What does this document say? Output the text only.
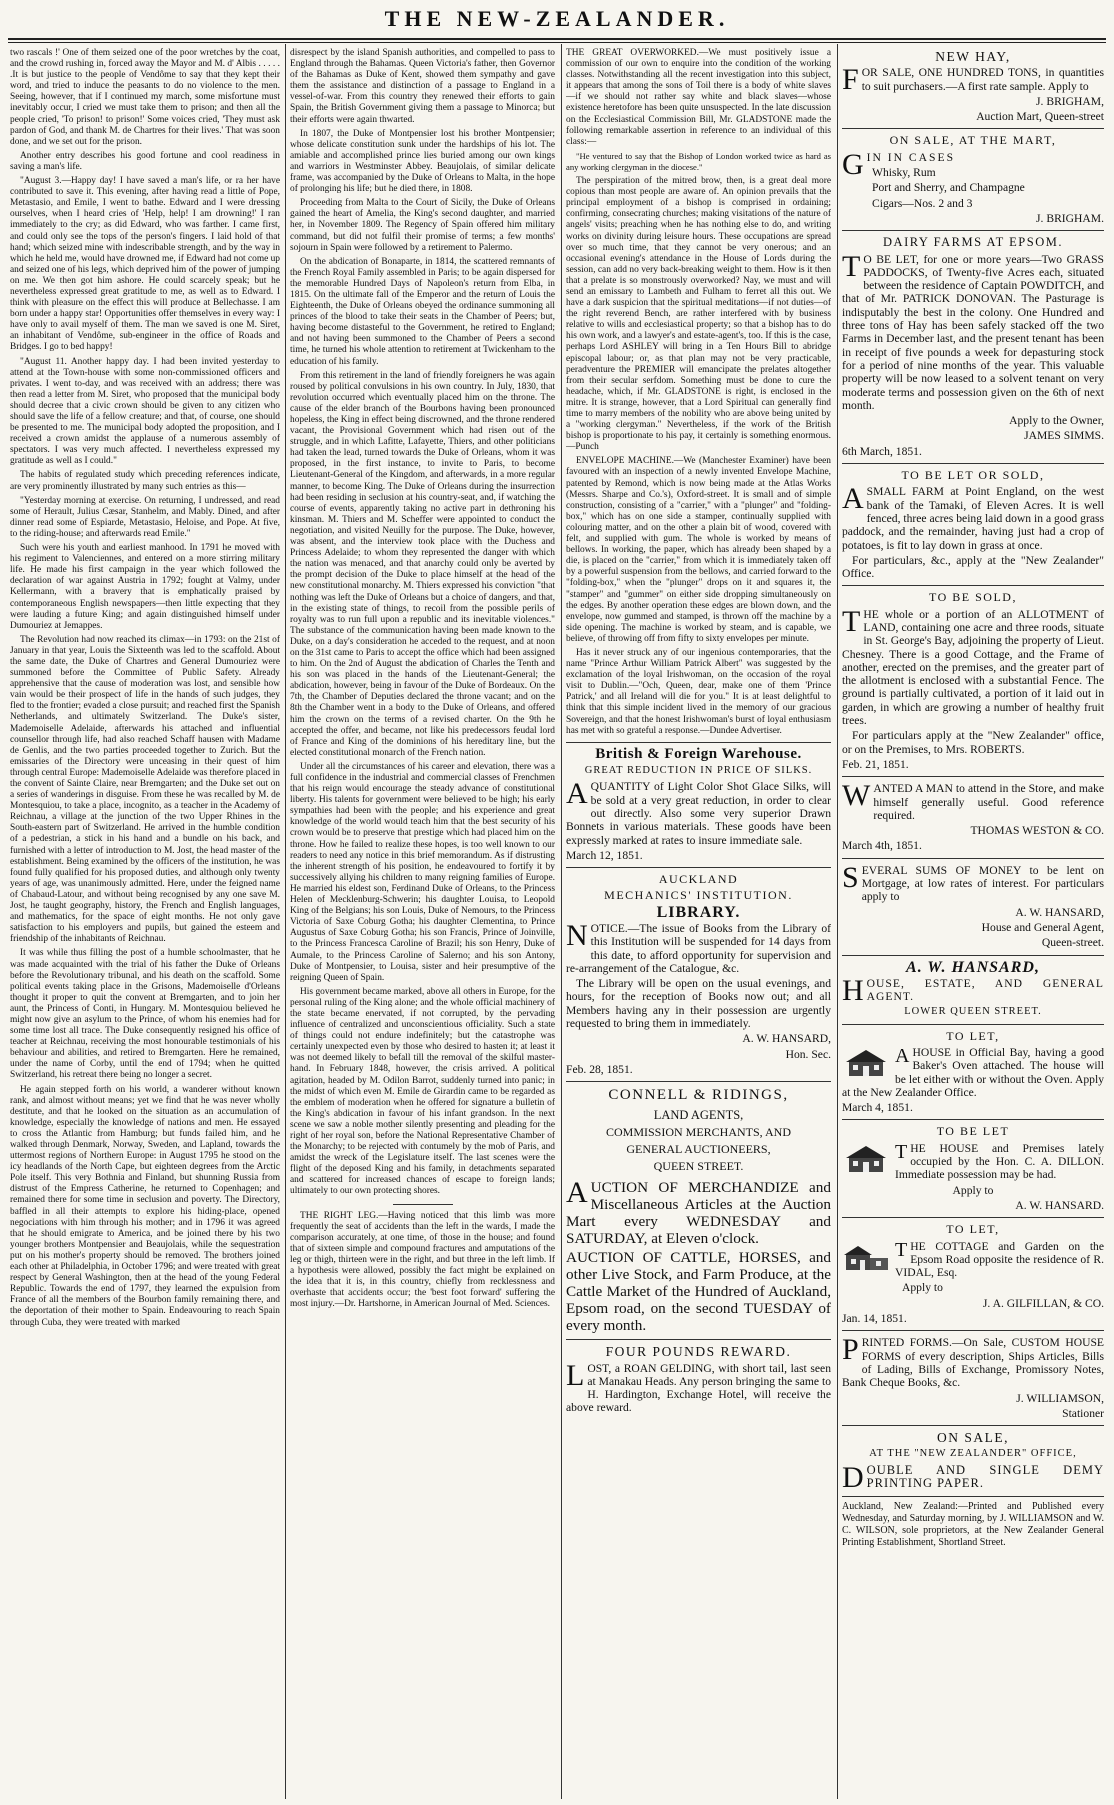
THE NEW-ZEALANDER.

two rascals !' One of them seized one of the poor wretches by the coat, and the crowd rushing in, forced away the Mayor and M. d' Albis . . . . . .It is but justice to the people of Vendôme to say that they kept their word, and tried to induce the peasants to do no violence to the men. Seeing, however, that if I continued my march, some misfortune must inevitably occur, I cried we must take them to prison; and then all the people cried, 'To prison! to prison!' Some voices cried, 'They must ask pardon of God, and thank M. de Chartres for their lives.' That was soon done, and we set out for the prison.

Another entry describes his good fortune and cool readiness in saving a man's life.

"August 3.—Happy day! I have saved a man's life, or ra her have contributed to save it. This evening, after having read a little of Pope, Metastasio, and Emile, I went to bathe. Edward and I were dressing ourselves, when I heard cries of 'Help, help! I am drowning!' I ran immediately to the cry; as did Edward, who was farther. I came first, and could only see the tops of the person's fingers. I laid hold of that hand; which seized mine with indescribable strength, and by the way in which he held me, would have drowned me, if Edward had not come up and seized one of his legs, which deprived him of the power of jumping on me. We then got him ashore. He could scarcely speak; but he nevertheless expressed great gratitude to me, as well as to Edward. I think with pleasure on the effect this will produce at Bellechasse. I am born under a happy star! Opportunities offer themselves in every way: I have only to avail myself of them. The man we saved is one M. Siret, an inhabitant of Vendôme, sub-engineer in the office of Roads and Bridges. I go to bed happy!

"August 11. Another happy day. I had been invited yesterday to attend at the Town-house with some non-commissioned officers and privates. I went to-day, and was received with an address; there was then read a letter from M. Siret, who proposed that the municipal body should decree that a civic crown should be given to any citizen who should save the life of a fellow creature; and that, of course, one should be presented to me. The municipal body adopted the proposition, and I received a crown amidst the applause of a numerous assembly of spectators. I was very much affected. I nevertheless expressed my gratitude as well as I could."

The habits of regulated study which preceding references indicate, are very prominently illustrated by many such entries as this—

"Yesterday morning at exercise. On returning, I undressed, and read some of Herault, Julius Cæsar, Stanhelm, and Mably. Dined, and after dinner read some of Espiarde, Metastasio, Heloise, and Pope. At five, to the riding-house; and afterwards read Emile."

Such were his youth and earliest manhood. In 1791 he moved with his regiment to Valenciennes, and entered on a more stirring military life. He made his first campaign in the year which followed the declaration of war against Austria in 1792; fought at Valmy, under Kellermann, with a bravery that is emphatically praised by contemporaneous English newspapers—then little expecting that they were lauding a future King; and again distinguished himself under Dumouriez at Jemappes.

The Revolution had now reached its climax—in 1793: on the 21st of January in that year, Louis the Sixteenth was led to the scaffold. About the same date, the Duke of Chartres and General Dumouriez were summoned before the Committee of Public Safety. Already apprehensive that the cause of moderation was lost, and sensible how vain would be their prospect of life in the hands of such judges, they fled to the frontier; evaded a close pursuit; and reached first the Spanish Netherlands, and ultimately Switzerland. The Duke's sister, Mademoiselle Adelaide, afterwards his attached and influential counsellor through life, had also reached Schaff hausen with Madame de Genlis, and the two parties proceeded together to Zurich. But the emissaries of the Directory were unceasing in their quest of him through central Europe: Mademoiselle Adelaide was therefore placed in the convent of Sainte Claire, near Bremgarten; and the Duke set out on a series of wanderings in disguise. From these he was recalled by M. de Montesquiou, to take a place, incognito, as a teacher in the Academy of Reichnau, a village at the junction of the two Upper Rhines in the South-eastern part of Switzerland. He arrived in the humble condition of a pedestrian, a stick in his hand and a bundle on his back, and furnished with a letter of introduction to M. Jost, the head master of the establishment. Being examined by the officers of the institution, he was found fully qualified for his proposed duties, and although only twenty years of age, was unanimously admitted. Here, under the feigned name of Chabaud-Latour, and without being recognised by any one save M. Jost, he taught geography, history, the French and English languages, and mathematics, for the space of eight months. He not only gave satisfaction to his employers and pupils, but gained the esteem and friendship of the inhabitants of Reichnau.

It was while thus filling the post of a humble schoolmaster, that he was made acquainted with the trial of his father the Duke of Orleans before the Revolutionary tribunal, and his death on the scaffold. Some political events taking place in the Grisons, Mademoiselle d'Orleans thought it proper to quit the convent at Bremgarten, and to join her aunt, the Princess of Conti, in Hungary. M. Montesquiou believed he might now give an asylum to the Prince, of whom his enemies had for some time lost all trace. The Duke consequently resigned his office of teacher at Reichnau, receiving the most honourable testimonials of his behaviour and abilities, and retired to Bremgarten. Here he remained, under the name of Corby, until the end of 1794; when he quitted Switzerland, his retreat there being no longer a secret.

He again stepped forth on his world, a wanderer without known rank, and almost without means; yet we find that he was never wholly destitute, and that he looked on the situation as an accumulation of knowledge, especially the knowledge of nations and men. He essayed to cross the Atlantic from Hamburg; but funds failed him, and he walked through Denmark, Norway, Sweden, and Lapland, towards the uttermost regions of Northern Europe: in August 1795 he stood on the icy headlands of the North Cape, but eighteen degrees from the Arctic Pole itself. This very Bothnia and Finland, but shunning Russia from distrust of the Empress Catherine, he returned to Copenhagen; and remained there for some time in seclusion and poverty. The Directory, baffled in all their attempts to explore his hiding-place, opened negociations with him through his mother; and in 1796 it was agreed that he should emigrate to America, and be joined there by his two younger brothers Montpensier and Beaujolais, while the sequestration put on his mother's property should be removed. The brothers joined each other at Philadelphia, in October 1796; and were treated with great respect by General Washington, then at the head of the young Federal Republic. Towards the end of 1797, they learned the expulsion from France of all the members of the Bourbon family remaining there, and the deportation of their mother to Spain. Endeavouring to reach Spain through Cuba, they were treated with marked

disrespect by the island Spanish authorities, and compelled to pass to England through the Bahamas. Queen Victoria's father, then Governor of the Bahamas as Duke of Kent, showed them sympathy and gave them the assistance and distinction of a passage to England in a vessel-of-war. From this country they renewed their efforts to gain Spain, the British Government giving them a passage to Minorca; but their efforts were again thwarted.

In 1807, the Duke of Montpensier lost his brother Montpensier; whose delicate constitution sunk under the hardships of his lot. The amiable and accomplished prince lies buried among our own kings and warriors in Westminster Abbey. Beaujolais, of similar delicate frame, was accompanied by the Duke of Orleans to Malta, in the hope of prolonging his life; but he died there, in 1808.

Proceeding from Malta to the Court of Sicily, the Duke of Orleans gained the heart of Amelia, the King's second daughter, and married her, in November 1809. The Regency of Spain offered him military command, but did not fulfil their promise of terms; a few months' sojourn in Spain were followed by a retirement to Palermo.

On the abdication of Bonaparte, in 1814, the scattered remnants of the French Royal Family assembled in Paris; to be again dispersed for the memorable Hundred Days of Napoleon's return from Elba, in 1815. On the ultimate fall of the Emperor and the return of Louis the Eighteenth, the Duke of Orleans obeyed the ordinance summoning all princes of the blood to take their seats in the Chamber of Peers; but, having become distasteful to the Government, he retired to England; and not having been summoned to the Chamber of Peers a second time, he turned his whole attention to retirement at Twickenham to the education of his family.

From this retirement in the land of friendly foreigners he was again roused by political convulsions in his own country. In July, 1830, that revolution occurred which eventually placed him on the throne. The cause of the elder branch of the Bourbons having been pronounced hopeless, the King in effect being discrowned, and the throne rendered vacant, the Provisional Government which had risen out of the struggle, and in which Lafitte, Lafayette, Thiers, and other politicians had taken the lead, turned towards the Duke of Orleans, whom it was proposed, in the first instance, to invite to Paris, to become Lieutenant-General of the Kingdom, and afterwards, in a more regular manner, to become King. The Duke of Orleans during the insurrection had been residing in seclusion at his country-seat, and, if watching the course of events, apparently taking no active part in dethroning his kinsman. M. Thiers and M. Scheffer were appointed to conduct the negotiation, and visited Neuilly for the purpose. The Duke, however, was absent, and the interview took place with the Duchess and Princess Adelaide; to whom they represented the danger with which the nation was menaced, and that anarchy could only be averted by the prompt decision of the Duke to place himself at the head of the new constitutional monarchy. M. Thiers expressed his conviction "that nothing was left the Duke of Orleans but a choice of dangers, and that, in the existing state of things, to recoil from the possible perils of royalty was to run full upon a republic and its inevitable violences." The substance of the communication having been made known to the Duke, on a day's consideration he acceded to the request, and at noon on the 31st came to Paris to accept the office which had been assigned to him. On the 2nd of August the abdication of Charles the Tenth and his son was placed in the hands of the Lieutenant-General; the abdication, however, being in favour of the Duke of Bordeaux. On the 7th, the Chamber of Deputies declared the throne vacant; and on the 8th the Chamber went in a body to the Duke of Orleans, and offered him the crown on the terms of a revised charter. On the 9th he accepted the offer, and became, not like his predecessors feudal lord of France and King of the dominions of his hereditary line, but the elected constitutional monarch of the French nation.

Under all the circumstances of his career and elevation, there was a full confidence in the industrial and commercial classes of Frenchmen that his reign would encourage the steady advance of constitutional liberty. His talents for government were believed to be high; his early sympathies had been with the people; and his experience and great knowledge of the world would teach him that the best security of his crown would be to preserve that prestige which had placed him on the throne. How he failed to realize these hopes, is too well known to our readers to need any notice in this brief memorandum. As if distrusting the inherent strength of his position, he endeavoured to fortify it by successively allying his children to many reigning families of Europe. He married his eldest son, Ferdinand Duke of Orleans, to the Princess Helen of Mecklenburg-Schwerin; his daughter Louisa, to Leopold King of the Belgians; his son Louis, Duke of Nemours, to the Princess Victoria of Saxe Coburg Gotha; his daughter Clementina, to Prince Augustus of Saxe Coburg Gotha; his son Francis, Prince of Joinville, to the Princess Francesca Caroline of Brazil; his son Henry, Duke of Aumale, to the Princess Caroline of Salerno; and his son Antony, Duke of Montpensier, to Louisa, sister and heir presumptive of the reigning Queen of Spain.

His government became marked, above all others in Europe, for the personal ruling of the King alone; and the whole official machinery of the state became enervated, if not corrupted, by the pervading influence of centralized and unconscientious officiality. Such a state of things could not endure indefinitely; but the catastrophe was certainly unexpected even by those who desired to hasten it; at least it was not deemed likely to befall till the removal of the skilful master-hand. In February 1848, however, the crisis arrived. A political agitation, headed by M. Odilon Barrot, suddenly turned into panic; in the midst of which even M. Emile de Girardin came to be regarded as the emblem of moderation when he offered for signature a bulletin of the King's abdication in favour of his infant grandson. In the next scene we saw a noble mother silently presenting and pleading for the right of her royal son, before the National Representative Chamber of the Monarchy; to be rejected with contumely by the mob of Paris, and amidst the wreck of the Legislature itself. The last scenes were the flight of the deposed King and his family, in detachments separated and scattered for increased chances of escape to foreign lands; ultimately to our own protecting shores.

THE RIGHT LEG.—Having noticed that this limb was more frequently the seat of accidents than the left in the wards, I made the comparison accurately, at one time, of those in the house; and found that of sixteen simple and compound fractures and amputations of the leg or thigh, thirteen were in the right, and but three in the left limb. If a hypothesis were allowed, possibly the fact might be explained on the idea that it is, in this country, chiefly from recklessness and overhaste that accidents occur; the 'best foot forward' suffering the most injury.—Dr. Hartshorne, in American Journal of Med. Sciences.

THE GREAT OVERWORKED.—We must positively issue a commission of our own to enquire into the condition of the working classes. Notwithstanding all the recent investigation into this subject, it appears that among the sons of Toil there is a body of white slaves—if we should not rather say white and black slaves—whose existence heretofore has been quite unsuspected. In the late discussion on the Ecclesiastical Commission Bill, Mr. GLADSTONE made the following remarkable assertion in reference to an individual of this class:—

"He ventured to say that the Bishop of London worked twice as hard as any working clergyman in the diocese."

The perspiration of the mitred brow, then, is a great deal more copious than most people are aware of. An opinion prevails that the principal employment of a bishop is comprised in ordaining; confirming, consecrating churches; making visitations of the nature of angels' visits; preaching when he has nothing else to do, and writing works on divinity during leisure hours. These occupations are spread over so much time, that they cannot be very onerous; and an occasional evening's attendance in the House of Lords during the session, can add no very back-breaking weight to them. How is it then that a prelate is so monstrously overworked? Nay, we must and will send an emissary to Lambeth and Fulham to ferret all this out. We have a dark suspicion that the spiritual meditations—if not duties—of the right reverend Bench, are rather interfered with by business relative to wills and ecclesiastical property; so that a bishop has to do his own work, and a lawyer's and estate-agent's, too. If this is the case, perhaps Lord ASHLEY will bring in a Ten Hours Bill to abridge episcopal labour; or, as that plan may not be very practicable, peradventure the PREMIER will emancipate the prelates altogether from their secular serfdom. Something must be done to cure the headache, which, if Mr. GLADSTONE is right, is enclosed in the mitre. It is strange, however, that a Lord Spiritual can generally find time to marry members of the nobility who are above being united by a "working clergyman." Nevertheless, if the work of the British bishop is proportionate to his pay, it certainly is something enormous.—Punch

ENVELOPE MACHINE.—We (Manchester Examiner) have been favoured with an inspection of a newly invented Envelope Machine, patented by Remond, which is now being made at the Atlas Works (Messrs. Sharpe and Co.'s), Oxford-street. It is small and of simple construction, consisting of a "carrier," with a "plunger" and "folding-box," which has on one side a stamper, continually supplied with colouring matter, and on the other a plain bit of wood, covered with felt, and supplied with gum. The whole is worked by means of bellows. In working, the paper, which has already been shaped by a die, is placed on the "carrier," from which it is immediately taken off by a powerful suspension from the bellows, and carried forward to the "folding-box," when the "plunger" drops on it and squares it, the "stamper" and "gummer" on either side dropping simultaneously on the edges. By another operation these edges are blown down, and the envelope, now gummed and stamped, is thrown off the machine by a side opening. The machine is worked by steam, and is capable, we believe, of throwing off from fifty to sixty envelopes per minute.

Has it never struck any of our ingenious contemporaries, that the name "Prince Arthur William Patrick Albert" was suggested by the exclamation of the loyal Irishwoman, on the occasion of the royal visit to Dublin.—"Och, Queen, dear, make one of them 'Prince Patrick,' and all Ireland will die for you." It is at least delightful to think that this simple incident lived in the memory of our gracious Sovereign, and that the honest Irishwoman's burst of loyal enthusiasm has met with so grateful a response.—Dundee Advertiser.

British & Foreign Warehouse.
GREAT REDUCTION IN PRICE OF SILKS.

AQUANTITY of Light Color Shot Glace Silks, will be sold at a very great reduction, in order to clear out directly. Also some very superior Drawn Bonnets in various materials. These goods have been expressly marked at rates to insure immediate sale.

March 12, 1851.

AUCKLAND
MECHANICS' INSTITUTION.
LIBRARY.

NOTICE.—The issue of Books from the Library of this Institution will be suspended for 14 days from this date, to afford opportunity for supervision and re-arrangement of the Catalogue, &c.

The Library will be open on the usual evenings, and hours, for the reception of Books now out; and all Members having any in their possession are urgently requested to bring them in immediately.

A. W. HANSARD,

Hon. Sec.

Feb. 28, 1851.

CONNELL & RIDINGS,
LAND AGENTS,
COMMISSION MERCHANTS, AND
GENERAL AUCTIONEERS,
QUEEN STREET.

AUCTION OF MERCHANDIZE and Miscellaneous Articles at the Auction Mart every WEDNESDAY and SATURDAY, at Eleven o'clock.

AUCTION OF CATTLE, HORSES, and other Live Stock, and Farm Produce, at the Cattle Market of the Hundred of Auckland, Epsom road, on the second TUESDAY of every month.

FOUR POUNDS REWARD.

LOST, a ROAN GELDING, with short tail, last seen at Manakau Heads. Any person bringing the same to H. Hardington, Exchange Hotel, will receive the above reward.

NEW HAY,

FOR SALE, ONE HUNDRED TONS, in quantities to suit purchasers.—A first rate sample. Apply to

J. BRIGHAM,

Auction Mart, Queen-street

ON SALE, AT THE MART,

GIN IN CASES

Whisky, Rum

Port and Sherry, and Champagne

Cigars—Nos. 2 and 3

J. BRIGHAM.

DAIRY FARMS AT EPSOM.

T O BE LET, for one or more years—Two GRASS PADDOCKS, of Twenty-five Acres each, situated between the residence of Captain POWDITCH, and that of Mr. PATRICK DONOVAN. The Pasturage is indisputably the best in the colony. One Hundred and three tons of Hay has been safely stacked off the two Farms in December last, and the present tenant has been in receipt of five pounds a week for depasturing stock for a period of nine months of the year. This valuable property will be now leased to a solvent tenant on very moderate terms and possession given on the 6th of next month.

Apply to the Owner,

JAMES SIMMS.

6th March, 1851.

TO BE LET OR SOLD,

ASMALL FARM at Point England, on the west bank of the Tamaki, of Eleven Acres. It is well fenced, three acres being laid down in a good grass paddock, and the remainder, having just had a crop of potatoes, is fit to lay down in grass at once.

For particulars, &c., apply at the "New Zealander" Office.

TO BE SOLD,

THE whole or a portion of an ALLOTMENT of LAND, containing one acre and three roods, situate in St. George's Bay, adjoining the property of Lieut. Chesney. There is a good Cottage, and the Frame of another, erected on the premises, and the greater part of the allotment is enclosed with a substantial Fence. The ground is partially cultivated, a portion of it laid out in garden, in which are growing a number of healthy fruit trees.

For particulars apply at the "New Zealander" office, or on the Premises, to Mrs. ROBERTS.

Feb. 21, 1851.

WANTED A MAN to attend in the Store, and make himself generally useful. Good reference required.

THOMAS WESTON & CO.

March 4th, 1851.

SEVERAL SUMS OF MONEY to be lent on Mortgage, at low rates of interest. For particulars apply to

A. W. HANSARD,

House and General Agent,

Queen-street.

A. W. HANSARD,

HOUSE, ESTATE, AND GENERAL AGENT.

LOWER QUEEN STREET.
TO LET,

AHOUSE in Official Bay, having a good Baker's Oven attached. The house will be let either with or without the Oven. Apply at the New Zealander Office.

March 4, 1851.

TO BE LET

THE HOUSE and Premises lately occupied by the Hon. C. A. DILLON. Immediate possession may be had.

Apply to

A. W. HANSARD.

TO LET,

THE COTTAGE and Garden on the Epsom Road opposite the residence of R. VIDAL, Esq.

Apply to

J. A. GILFILLAN, & CO.

Jan. 14, 1851.

PRINTED FORMS.—On Sale, CUSTOM HOUSE FORMS of every description, Ships Articles, Bills of Lading, Bills of Exchange, Promissory Notes, Bank Cheque Books, &c.

J. WILLIAMSON,

Stationer

ON SALE,
AT THE "NEW ZEALANDER" OFFICE,

DOUBLE AND SINGLE DEMY PRINTING PAPER.

Auckland, New Zealand:—Printed and Published every Wednesday, and Saturday morning, by J. WILLIAMSON and W. C. WILSON, sole proprietors, at the New Zealander General Printing Establishment, Shortland Street.
